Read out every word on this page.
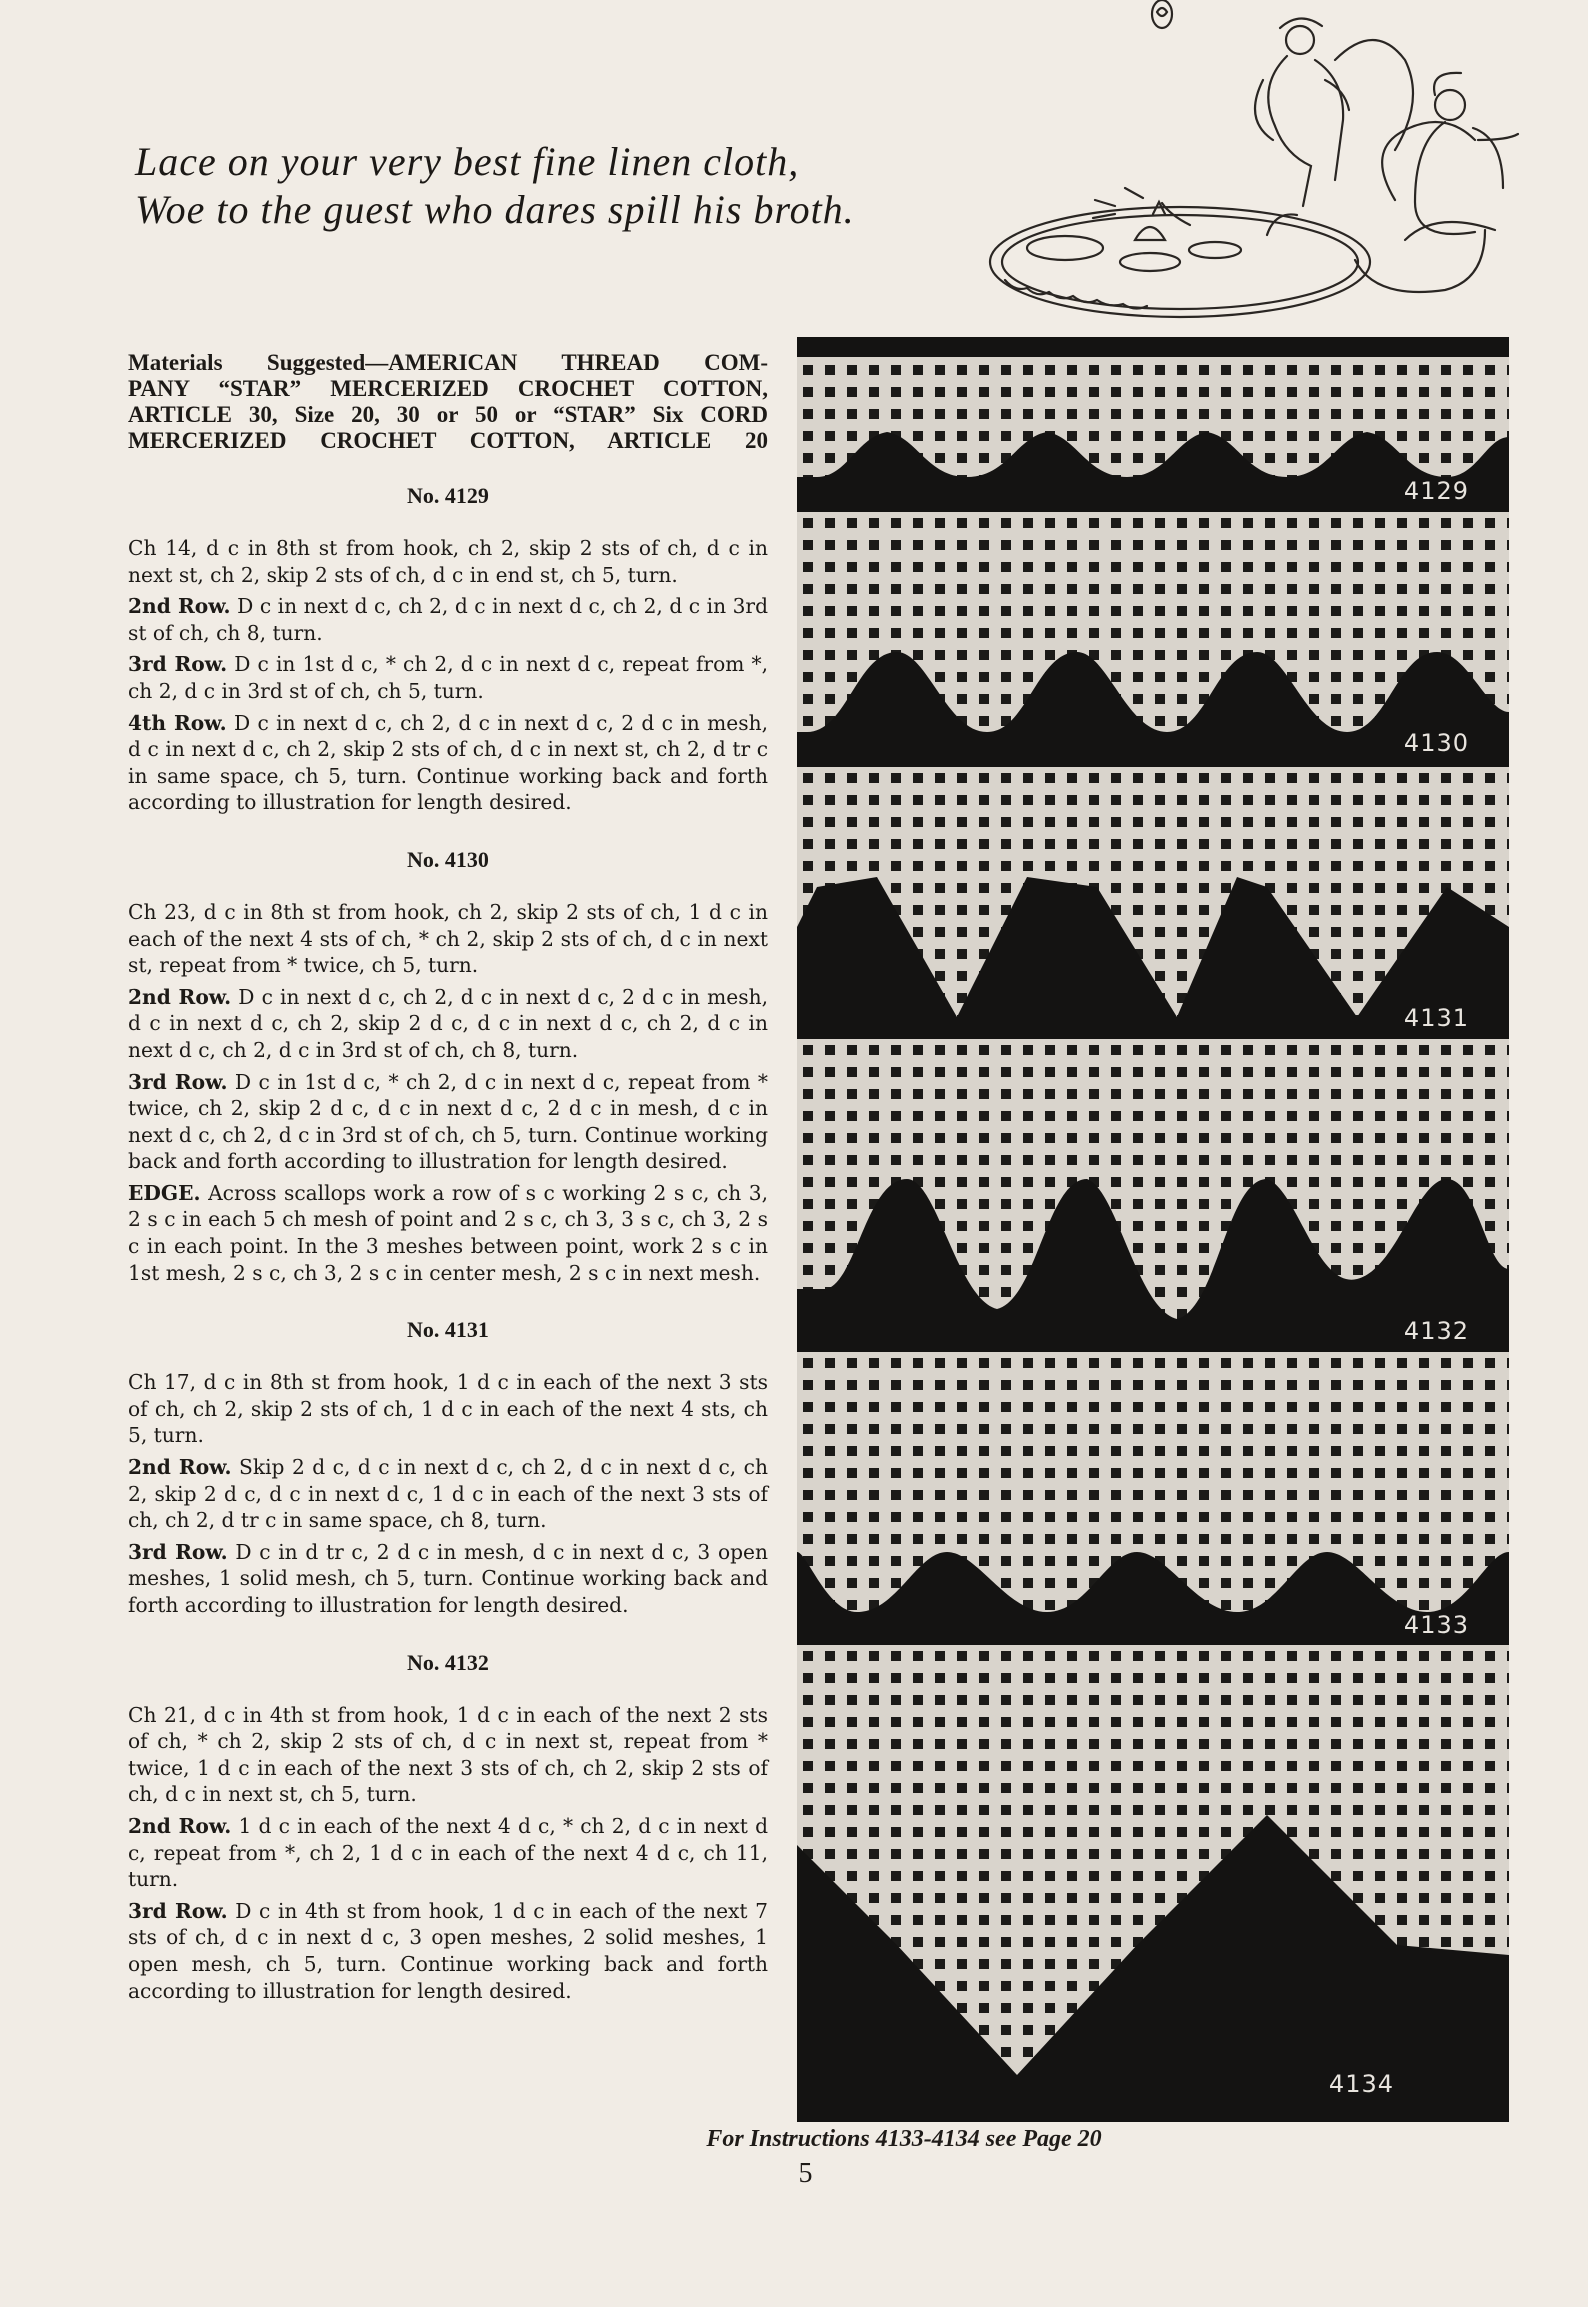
Lace on your very best fine linen cloth,
Woe to the guest who dares spill his broth.
Materials Suggested—AMERICAN THREAD COM-
PANY “STAR” MERCERIZED CROCHET COTTON,
ARTICLE 30, Size 20, 30 or 50 or “STAR” Six CORD
MERCERIZED CROCHET COTTON, ARTICLE 20
No. 4129

Ch 14, d c in 8th st from hook, ch 2, skip 2 sts of ch, d c in next st, ch 2, skip 2 sts of ch, d c in end st, ch 5, turn.

2nd Row. D c in next d c, ch 2, d c in next d c, ch 2, d c in 3rd st of ch, ch 8, turn.

3rd Row. D c in 1st d c, * ch 2, d c in next d c, repeat from *, ch 2, d c in 3rd st of ch, ch 5, turn.

4th Row. D c in next d c, ch 2, d c in next d c, 2 d c in mesh, d c in next d c, ch 2, skip 2 sts of ch, d c in next st, ch 2, d tr c in same space, ch 5, turn. Continue working back and forth according to illustration for length desired.

No. 4130

Ch 23, d c in 8th st from hook, ch 2, skip 2 sts of ch, 1 d c in each of the next 4 sts of ch, * ch 2, skip 2 sts of ch, d c in next st, repeat from * twice, ch 5, turn.

2nd Row. D c in next d c, ch 2, d c in next d c, 2 d c in mesh, d c in next d c, ch 2, skip 2 d c, d c in next d c, ch 2, d c in next d c, ch 2, d c in 3rd st of ch, ch 8, turn.

3rd Row. D c in 1st d c, * ch 2, d c in next d c, repeat from * twice, ch 2, skip 2 d c, d c in next d c, 2 d c in mesh, d c in next d c, ch 2, d c in 3rd st of ch, ch 5, turn. Continue working back and forth according to illustration for length desired.

EDGE. Across scallops work a row of s c working 2 s c, ch 3, 2 s c in each 5 ch mesh of point and 2 s c, ch 3, 3 s c, ch 3, 2 s c in each point. In the 3 meshes between point, work 2 s c in 1st mesh, 2 s c, ch 3, 2 s c in center mesh, 2 s c in next mesh.

No. 4131

Ch 17, d c in 8th st from hook, 1 d c in each of the next 3 sts of ch, ch 2, skip 2 sts of ch, 1 d c in each of the next 4 sts, ch 5, turn.

2nd Row. Skip 2 d c, d c in next d c, ch 2, d c in next d c, ch 2, skip 2 d c, d c in next d c, 1 d c in each of the next 3 sts of ch, ch 2, d tr c in same space, ch 8, turn.

3rd Row. D c in d tr c, 2 d c in mesh, d c in next d c, 3 open meshes, 1 solid mesh, ch 5, turn. Continue working back and forth according to illustration for length desired.

No. 4132

Ch 21, d c in 4th st from hook, 1 d c in each of the next 2 sts of ch, * ch 2, skip 2 sts of ch, d c in next st, repeat from * twice, 1 d c in each of the next 3 sts of ch, ch 2, skip 2 sts of ch, d c in next st, ch 5, turn.

2nd Row. 1 d c in each of the next 4 d c, * ch 2, d c in next d c, repeat from *, ch 2, 1 d c in each of the next 4 d c, ch 11, turn.

3rd Row. D c in 4th st from hook, 1 d c in each of the next 7 sts of ch, d c in next d c, 3 open meshes, 2 solid meshes, 1 open mesh, ch 5, turn. Continue working back and forth according to illustration for length desired.

4129
4130
4131
4132
4133
4134
For Instructions 4133-4134 see Page 20
5
